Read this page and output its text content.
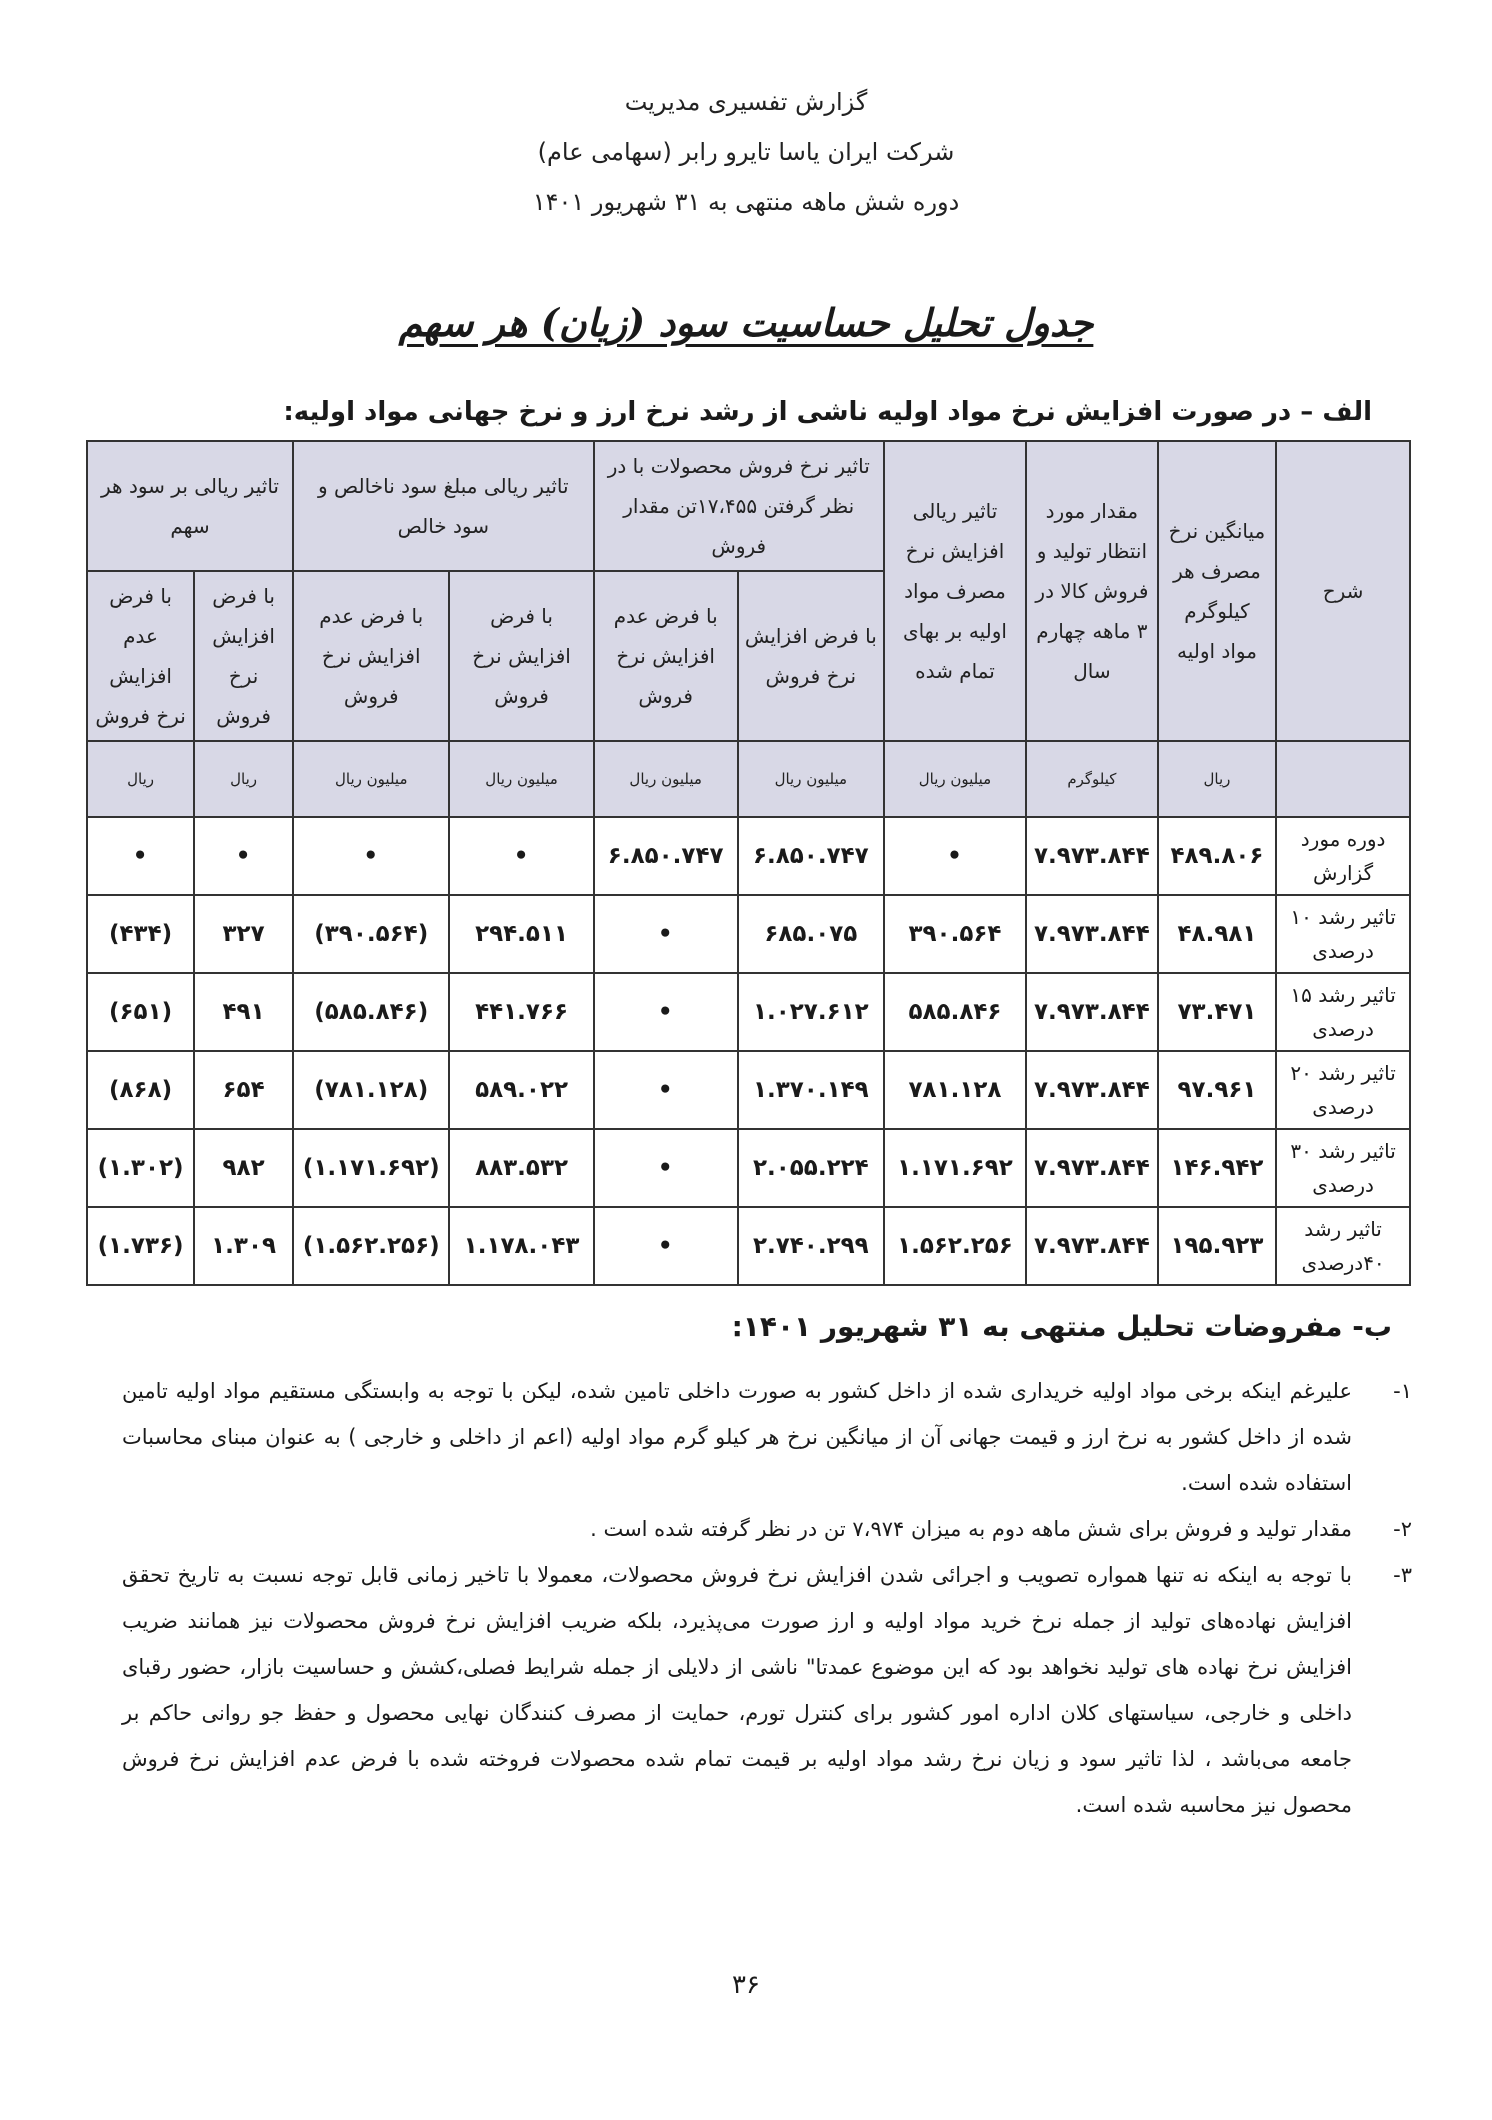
گزارش تفسیری مدیریت
شرکت ایران یاسا تایرو رابر (سهامی عام)
دوره شش ماهه منتهی به ۳۱ شهریور ۱۴۰۱
جدول تحلیل حساسیت سود (زیان) هر سهم
الف – در صورت افزایش نرخ مواد اولیه ناشی از رشد نرخ ارز و نرخ جهانی مواد اولیه:
شرح	میانگین نرخ مصرف هر کیلوگرم مواد اولیه	مقدار مورد انتظار تولید و فروش کالا در ۳ ماهه چهارم سال	تاثیر ریالی افزایش نرخ مصرف مواد اولیه بر بهای تمام شده	تاثیر نرخ فروش محصولات با در نظر گرفتن ۱۷،۴۵۵تن مقدار فروش		تاثیر ریالی مبلغ سود ناخالص و سود خالص		تاثیر ریالی بر سود هر سهم	
				با فرض افزایش نرخ فروش	با فرض عدم افزایش نرخ فروش	با فرض افزایش نرخ فروش	با فرض عدم افزایش نرخ فروش	با فرض افزایش نرخ فروش	با فرض عدم افزایش نرخ فروش
	ریال	کیلوگرم	میلیون ریال	میلیون ریال	میلیون ریال	میلیون ریال	میلیون ریال	ریال	ریال
دوره مورد گزارش	۴۸۹.۸۰۶	۷.۹۷۳.۸۴۴	•	۶.۸۵۰.۷۴۷	۶.۸۵۰.۷۴۷	•	•	•	•
تاثیر رشد ۱۰ درصدی	۴۸.۹۸۱	۷.۹۷۳.۸۴۴	۳۹۰.۵۶۴	۶۸۵.۰۷۵	•	۲۹۴.۵۱۱	(۳۹۰.۵۶۴)	۳۲۷	(۴۳۴)
تاثیر رشد ۱۵ درصدی	۷۳.۴۷۱	۷.۹۷۳.۸۴۴	۵۸۵.۸۴۶	۱.۰۲۷.۶۱۲	•	۴۴۱.۷۶۶	(۵۸۵.۸۴۶)	۴۹۱	(۶۵۱)
تاثیر رشد ۲۰ درصدی	۹۷.۹۶۱	۷.۹۷۳.۸۴۴	۷۸۱.۱۲۸	۱.۳۷۰.۱۴۹	•	۵۸۹.۰۲۲	(۷۸۱.۱۲۸)	۶۵۴	(۸۶۸)
تاثیر رشد ۳۰ درصدی	۱۴۶.۹۴۲	۷.۹۷۳.۸۴۴	۱.۱۷۱.۶۹۲	۲.۰۵۵.۲۲۴	•	۸۸۳.۵۳۲	(۱.۱۷۱.۶۹۲)	۹۸۲	(۱.۳۰۲)
تاثیر رشد ۴۰درصدی	۱۹۵.۹۲۳	۷.۹۷۳.۸۴۴	۱.۵۶۲.۲۵۶	۲.۷۴۰.۲۹۹	•	۱.۱۷۸.۰۴۳	(۱.۵۶۲.۲۵۶)	۱.۳۰۹	(۱.۷۳۶)
ب- مفروضات تحلیل منتهی به ۳۱ شهریور ۱۴۰۱:
۱-
علیرغم اینکه برخی مواد اولیه خریداری شده از داخل کشور به صورت داخلی تامین شده، لیکن با توجه به وابستگی مستقیم مواد اولیه تامین شده از داخل کشور به نرخ ارز و قیمت جهانی آن از میانگین نرخ هر کیلو گرم مواد اولیه (اعم از داخلی و خارجی ) به عنوان مبنای محاسبات استفاده شده است.
۲-
مقدار تولید و فروش برای شش ماهه دوم به میزان ۷،۹۷۴ تن در نظر گرفته شده است .
۳-
با توجه به اینکه نه تنها همواره تصویب و اجرائی شدن افزایش نرخ فروش محصولات، معمولا با تاخیر زمانی قابل توجه نسبت به تاریخ تحقق افزایش نهاده‌های تولید از جمله نرخ خرید مواد اولیه و ارز صورت می‌پذیرد، بلکه ضریب افزایش نرخ فروش محصولات نیز همانند ضریب افزایش نرخ نهاده های تولید نخواهد بود که این موضوع عمدتا" ناشی از دلایلی از جمله شرایط فصلی،کشش و حساسیت بازار، حضور رقبای داخلی و خارجی، سیاستهای کلان اداره امور کشور برای کنترل تورم، حمایت از مصرف کنندگان نهایی محصول و حفظ جو روانی حاکم بر جامعه می‌باشد ، لذا تاثیر سود و زیان نرخ رشد مواد اولیه بر قیمت تمام شده محصولات فروخته شده با فرض عدم افزایش نرخ فروش محصول نیز محاسبه شده است.
۳۶
